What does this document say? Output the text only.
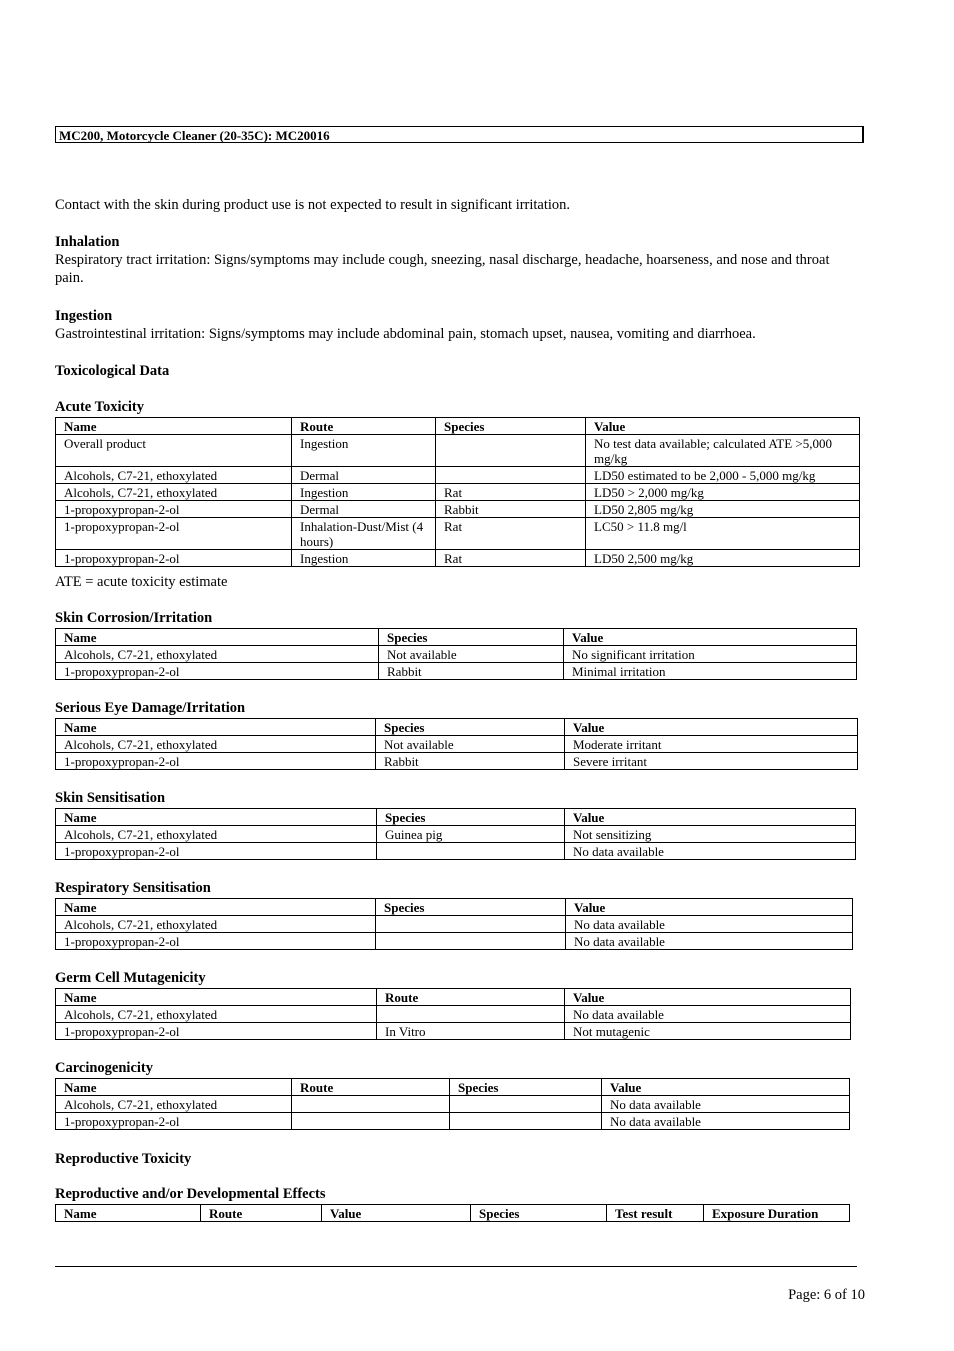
MC200, Motorcycle Cleaner (20-35C): MC20016
Contact with the skin during product use is not expected to result in significant irritation.
Inhalation
Respiratory tract irritation: Signs/symptoms may include cough, sneezing, nasal discharge, headache, hoarseness, and nose and throat pain.
Ingestion
Gastrointestinal irritation: Signs/symptoms may include abdominal pain, stomach upset, nausea, vomiting and diarrhoea.
Toxicological Data
Acute Toxicity
Name	Route	Species	Value
Overall product	Ingestion		No test data available; calculated ATE >5,000 mg/kg
Alcohols, C7-21, ethoxylated	Dermal		LD50 estimated to be 2,000 - 5,000 mg/kg
Alcohols, C7-21, ethoxylated	Ingestion	Rat	LD50 > 2,000 mg/kg
1-propoxypropan-2-ol	Dermal	Rabbit	LD50 2,805 mg/kg
1-propoxypropan-2-ol	Inhalation-Dust/Mist (4 hours)	Rat	LC50 > 11.8 mg/l
1-propoxypropan-2-ol	Ingestion	Rat	LD50 2,500 mg/kg
ATE = acute toxicity estimate
Skin Corrosion/Irritation
Name	Species	Value
Alcohols, C7-21, ethoxylated	Not available	No significant irritation
1-propoxypropan-2-ol	Rabbit	Minimal irritation
Serious Eye Damage/Irritation
Name	Species	Value
Alcohols, C7-21, ethoxylated	Not available	Moderate irritant
1-propoxypropan-2-ol	Rabbit	Severe irritant
Skin Sensitisation
Name	Species	Value
Alcohols, C7-21, ethoxylated	Guinea pig	Not sensitizing
1-propoxypropan-2-ol		No data available
Respiratory Sensitisation
Name	Species	Value
Alcohols, C7-21, ethoxylated		No data available
1-propoxypropan-2-ol		No data available
Germ Cell Mutagenicity
Name	Route	Value
Alcohols, C7-21, ethoxylated		No data available
1-propoxypropan-2-ol	In Vitro	Not mutagenic
Carcinogenicity
Name	Route	Species	Value
Alcohols, C7-21, ethoxylated			No data available
1-propoxypropan-2-ol			No data available
Reproductive Toxicity
Reproductive and/or Developmental Effects
Name	Route	Value	Species	Test result	Exposure Duration
Page: 6 of 10
